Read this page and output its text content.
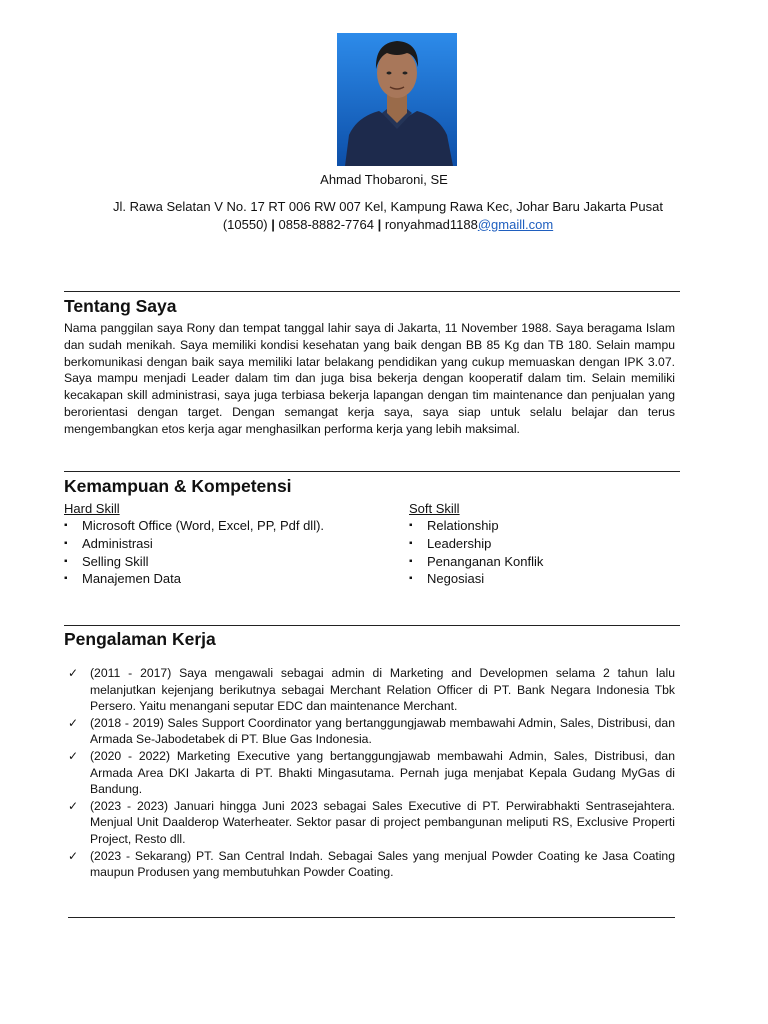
Ahmad Thobaroni, SE
Jl. Rawa Selatan V No. 17 RT 006 RW 007 Kel, Kampung Rawa Kec, Johar Baru Jakarta Pusat
(10550) | 0858-8882-7764 | ronyahmad1188@gmaill.com
Tentang Saya
Nama panggilan saya Rony dan tempat tanggal lahir saya di Jakarta, 11 November 1988. Saya beragama Islam dan sudah menikah. Saya memiliki kondisi kesehatan yang baik dengan BB 85 Kg dan TB 180. Selain mampu berkomunikasi dengan baik saya memiliki latar belakang pendidikan yang cukup memuaskan dengan IPK 3.07. Saya mampu menjadi Leader dalam tim dan juga bisa bekerja dengan kooperatif dalam tim. Selain memiliki kecakapan skill administrasi, saya juga terbiasa bekerja lapangan dengan tim maintenance dan penjualan yang berorientasi dengan target. Dengan semangat kerja saya, saya siap untuk selalu belajar dan terus mengembangkan etos kerja agar menghasilkan performa kerja yang lebih maksimal.
Kemampuan & Kompetensi
Hard Skill
▪ Microsoft Office (Word, Excel, PP, Pdf dll).
▪ Administrasi
▪ Selling Skill
▪ Manajemen Data
Soft Skill
▪ Relationship
▪ Leadership
▪ Penanganan Konflik
▪ Negosiasi
Pengalaman Kerja
✓ (2011 - 2017) Saya mengawali sebagai admin di Marketing and Developmen selama 2 tahun lalu melanjutkan kejenjang berikutnya sebagai Merchant Relation Officer di PT. Bank Negara Indonesia Tbk Persero. Yaitu menangani seputar EDC dan maintenance Merchant.
✓ (2018 - 2019) Sales Support Coordinator yang bertanggungjawab membawahi Admin, Sales, Distribusi, dan Armada Se-Jabodetabek di PT. Blue Gas Indonesia.
✓ (2020 - 2022) Marketing Executive yang bertanggungjawab membawahi Admin, Sales, Distribusi, dan Armada Area DKI Jakarta di PT. Bhakti Mingasutama. Pernah juga menjabat Kepala Gudang MyGas di Bandung.
✓ (2023 - 2023) Januari hingga Juni 2023 sebagai Sales Executive di PT. Perwirabhakti Sentrasejahtera. Menjual Unit Daalderop Waterheater. Sektor pasar di project pembangunan meliputi RS, Exclusive Properti Project, Resto dll.
✓ (2023 - Sekarang) PT. San Central Indah. Sebagai Sales yang menjual Powder Coating ke Jasa Coating maupun Produsen yang membutuhkan Powder Coating.
